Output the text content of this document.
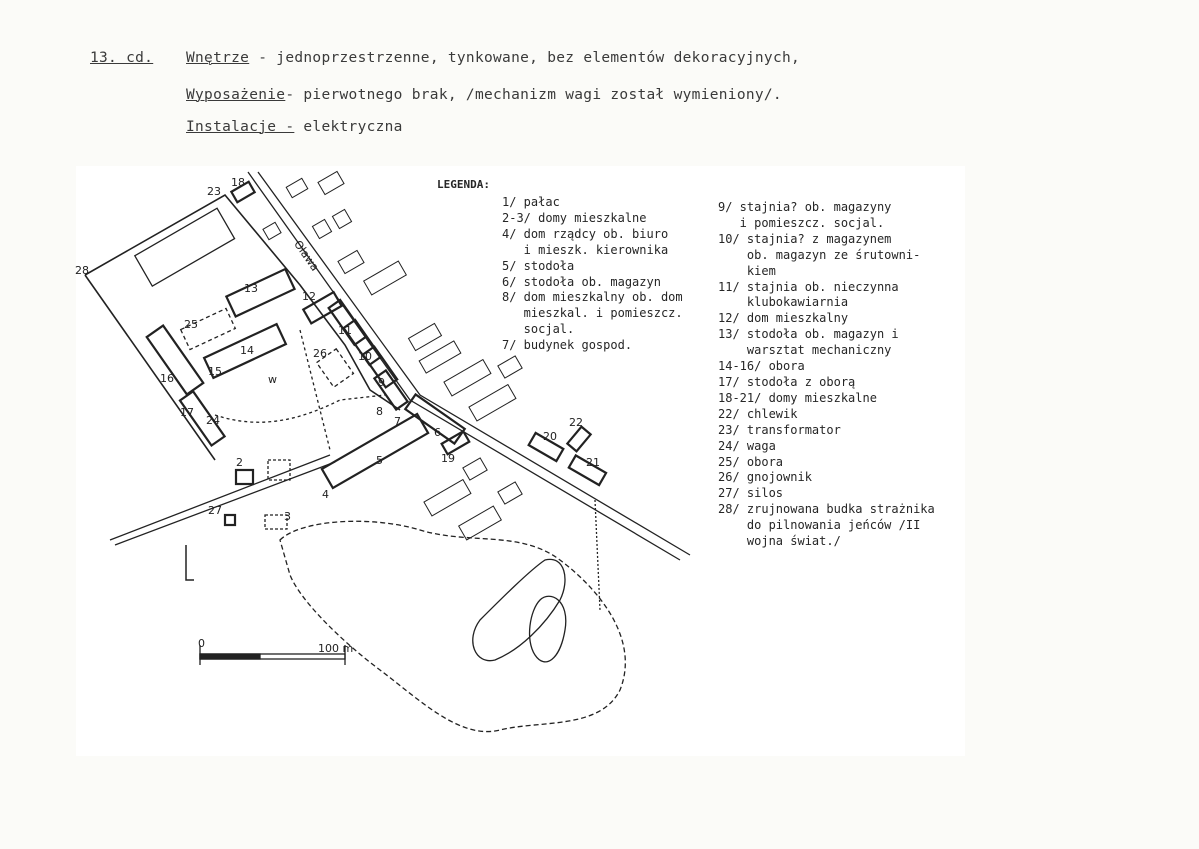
13. cd. Wnętrze - jednoprzestrzenne, tynkowane, bez elementów dekoracyjnych,
Wyposażenie- pierwotnego brak, /mechanizm wagi został wymieniony/.
Instalacje - elektryczna
23
18
28
13
12
25
14	26
11
10
9
8
7
6
19
15
16
17
24
2	5
4
3
27
20
22
21
w
Oława
0	100 m
LEGENDA:
1/ pałac
2-3/ domy mieszkalne
4/ dom rządcy ob. biuro
i mieszk. kierownika
5/ stodoła
6/ stodoła ob. magazyn
8/ dom mieszkalny ob. dom
mieszkal. i pomieszcz.
socjal.
7/ budynek gospod.
9/ stajnia? ob. magazyny
i pomieszcz. socjal.
10/ stajnia? z magazynem
ob. magazyn ze śrutowni-
kiem
11/ stajnia ob. nieczynna
klubokawiarnia
12/ dom mieszkalny
13/ stodoła ob. magazyn i
warsztat mechaniczny
14-16/ obora
17/ stodoła z oborą
18-21/ domy mieszkalne
22/ chlewik
23/ transformator
24/ waga
25/ obora
26/ gnojownik
27/ silos
28/ zrujnowana budka strażnika
do pilnowania jeńców /II
wojna świat./
